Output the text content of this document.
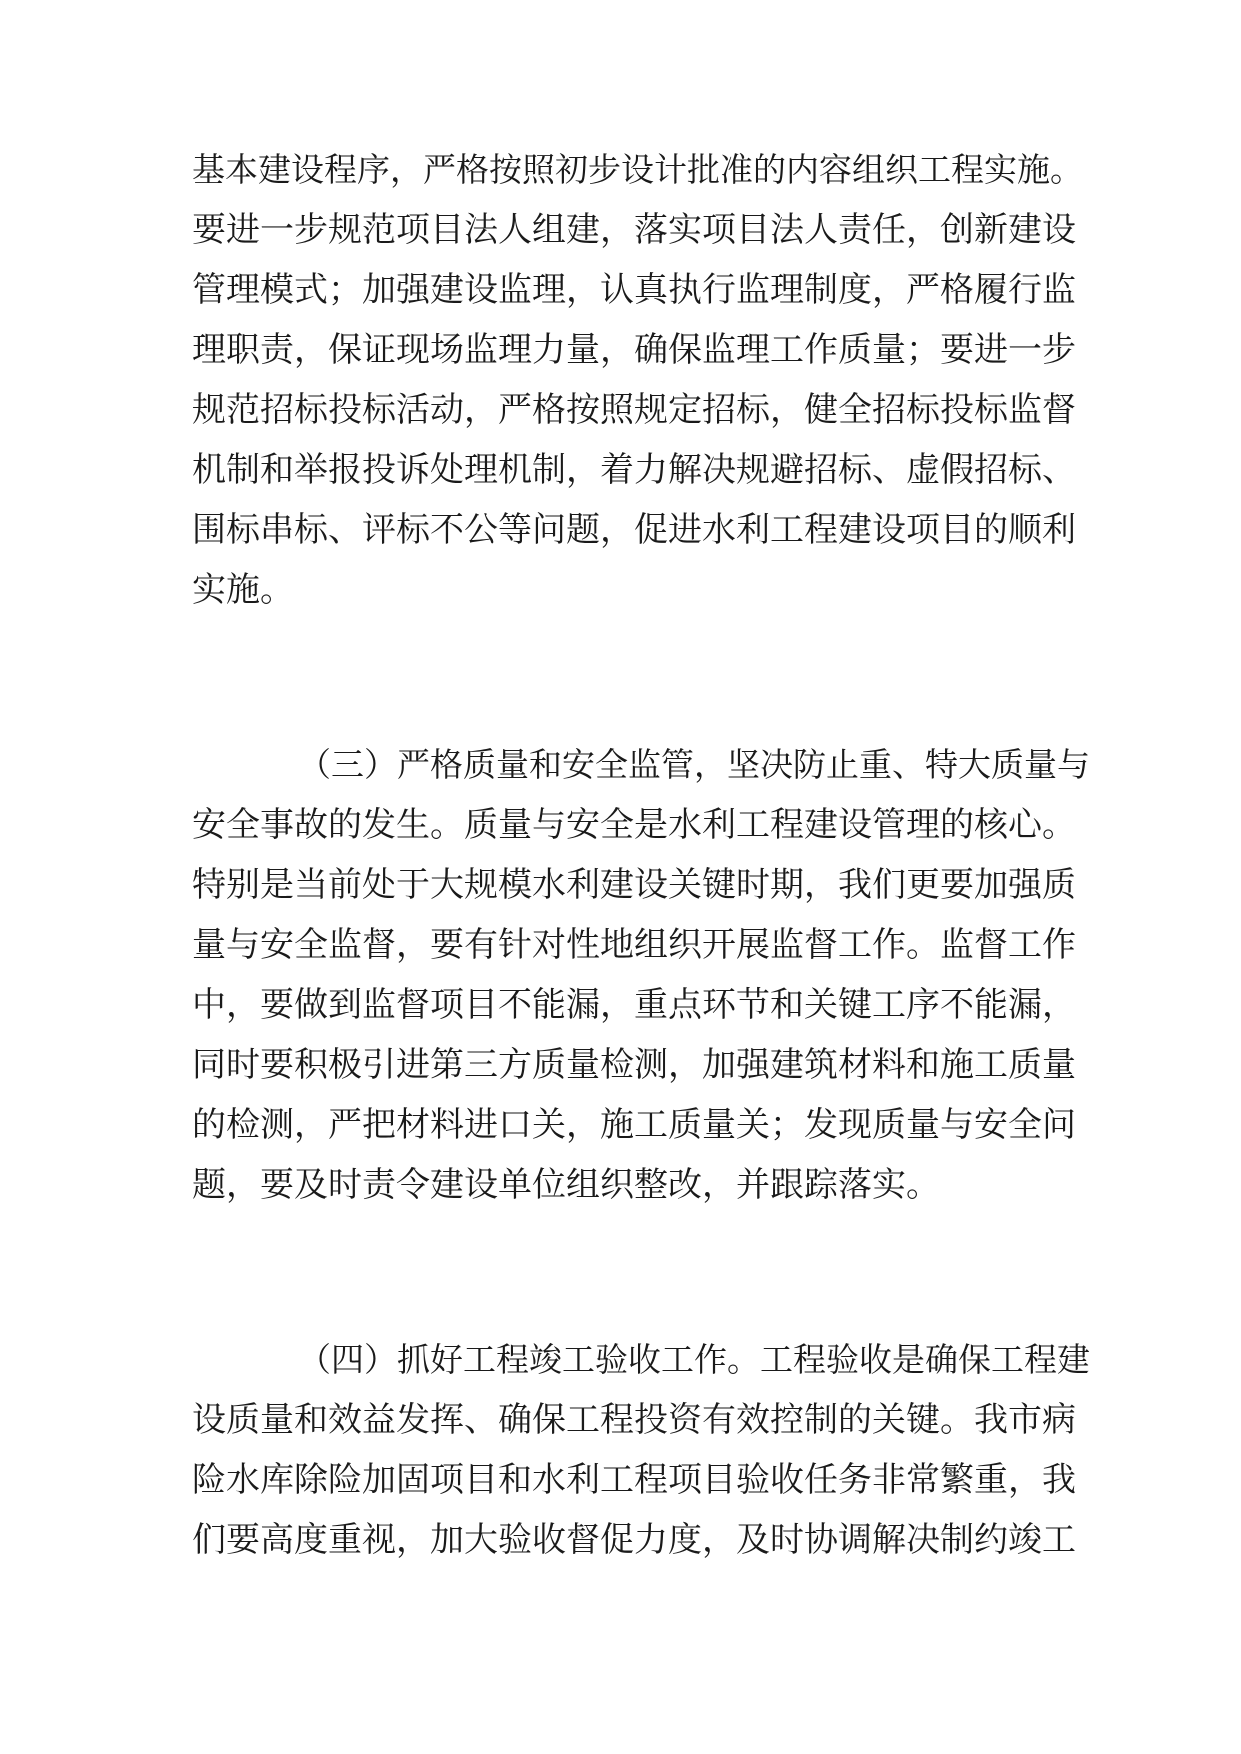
基本建设程序，严格按照初步设计批准的内容组织工程实施。
要进一步规范项目法人组建，落实项目法人责任，创新建设
管理模式；加强建设监理，认真执行监理制度，严格履行监
理职责，保证现场监理力量，确保监理工作质量；要进一步
规范招标投标活动，严格按照规定招标，健全招标投标监督
机制和举报投诉处理机制，着力解决规避招标、虚假招标、
围标串标、评标不公等问题，促进水利工程建设项目的顺利
实施。
（三）严格质量和安全监管，坚决防止重、特大质量与
安全事故的发生。质量与安全是水利工程建设管理的核心。
特别是当前处于大规模水利建设关键时期，我们更要加强质
量与安全监督，要有针对性地组织开展监督工作。监督工作
中，要做到监督项目不能漏，重点环节和关键工序不能漏，
同时要积极引进第三方质量检测，加强建筑材料和施工质量
的检测，严把材料进口关，施工质量关；发现质量与安全问
题，要及时责令建设单位组织整改，并跟踪落实。
（四）抓好工程竣工验收工作。工程验收是确保工程建
设质量和效益发挥、确保工程投资有效控制的关键。我市病
险水库除险加固项目和水利工程项目验收任务非常繁重，我
们要高度重视，加大验收督促力度，及时协调解决制约竣工
